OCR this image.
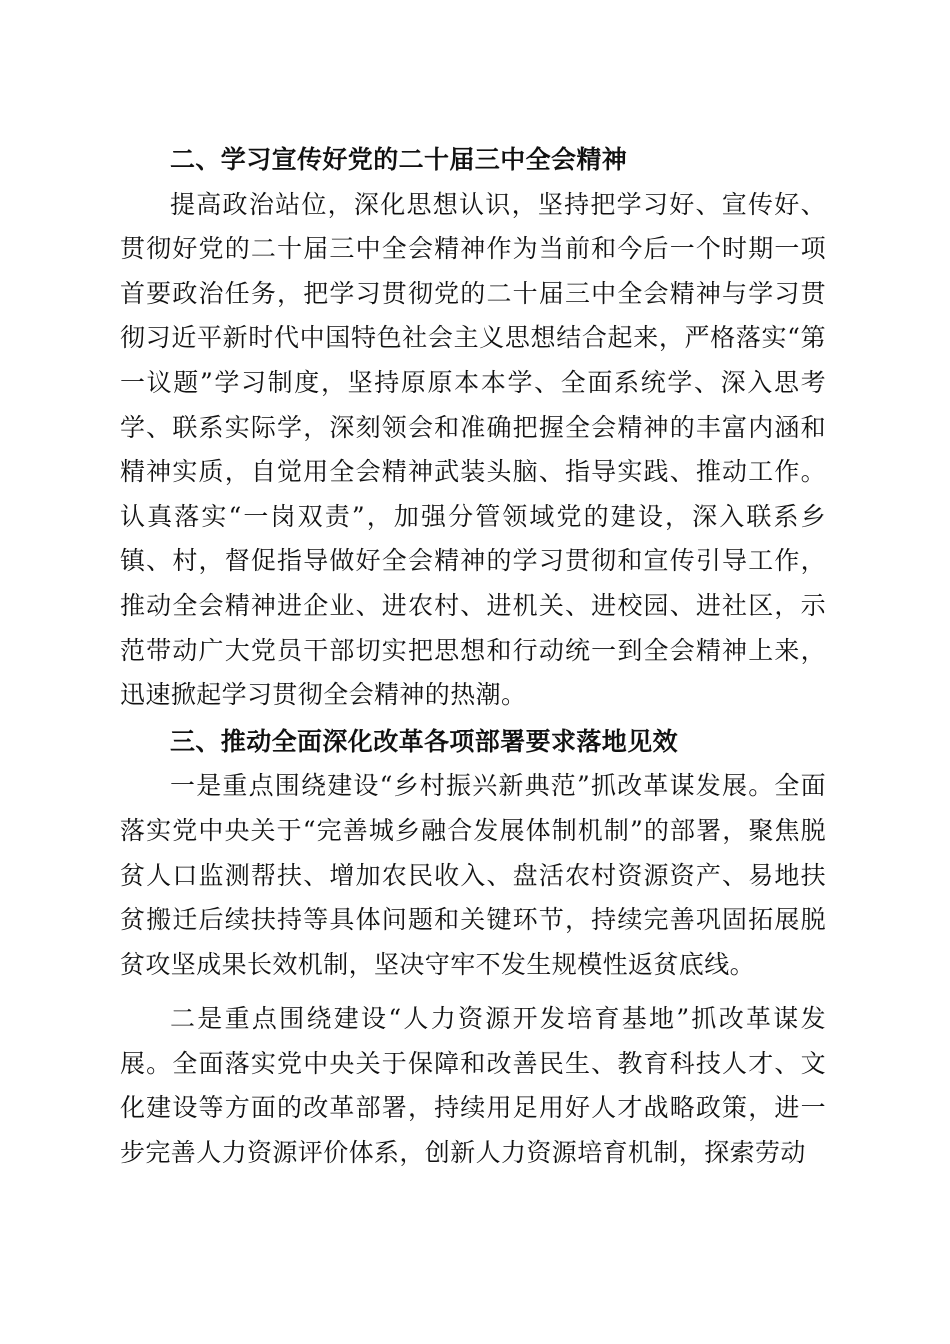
二、学习宣传好党的二十届三中全会精神

提高政治站位，深化思想认识，坚持把学习好、宣传好、贯彻好党的二十届三中全会精神作为当前和今后一个时期一项首要政治任务，把学习贯彻党的二十届三中全会精神与学习贯彻习近平新时代中国特色社会主义思想结合起来，严格落实“第一议题”学习制度，坚持原原本本学、全面系统学、深入思考学、联系实际学，深刻领会和准确把握全会精神的丰富内涵和精神实质，自觉用全会精神武装头脑、指导实践、推动工作。认真落实“一岗双责”，加强分管领域党的建设，深入联系乡镇、村，督促指导做好全会精神的学习贯彻和宣传引导工作，推动全会精神进企业、进农村、进机关、进校园、进社区，示范带动广大党员干部切实把思想和行动统一到全会精神上来，迅速掀起学习贯彻全会精神的热潮。

三、推动全面深化改革各项部署要求落地见效

一是重点围绕建设“乡村振兴新典范”抓改革谋发展。全面落实党中央关于“完善城乡融合发展体制机制”的部署，聚焦脱贫人口监测帮扶、增加农民收入、盘活农村资源资产、易地扶贫搬迁后续扶持等具体问题和关键环节，持续完善巩固拓展脱贫攻坚成果长效机制，坚决守牢不发生规模性返贫底线。

二是重点围绕建设“人力资源开发培育基地”抓改革谋发展。全面落实党中央关于保障和改善民生、教育科技人才、文化建设等方面的改革部署，持续用足用好人才战略政策，进一步完善人力资源评价体系，创新人力资源培育机制，探索劳动
